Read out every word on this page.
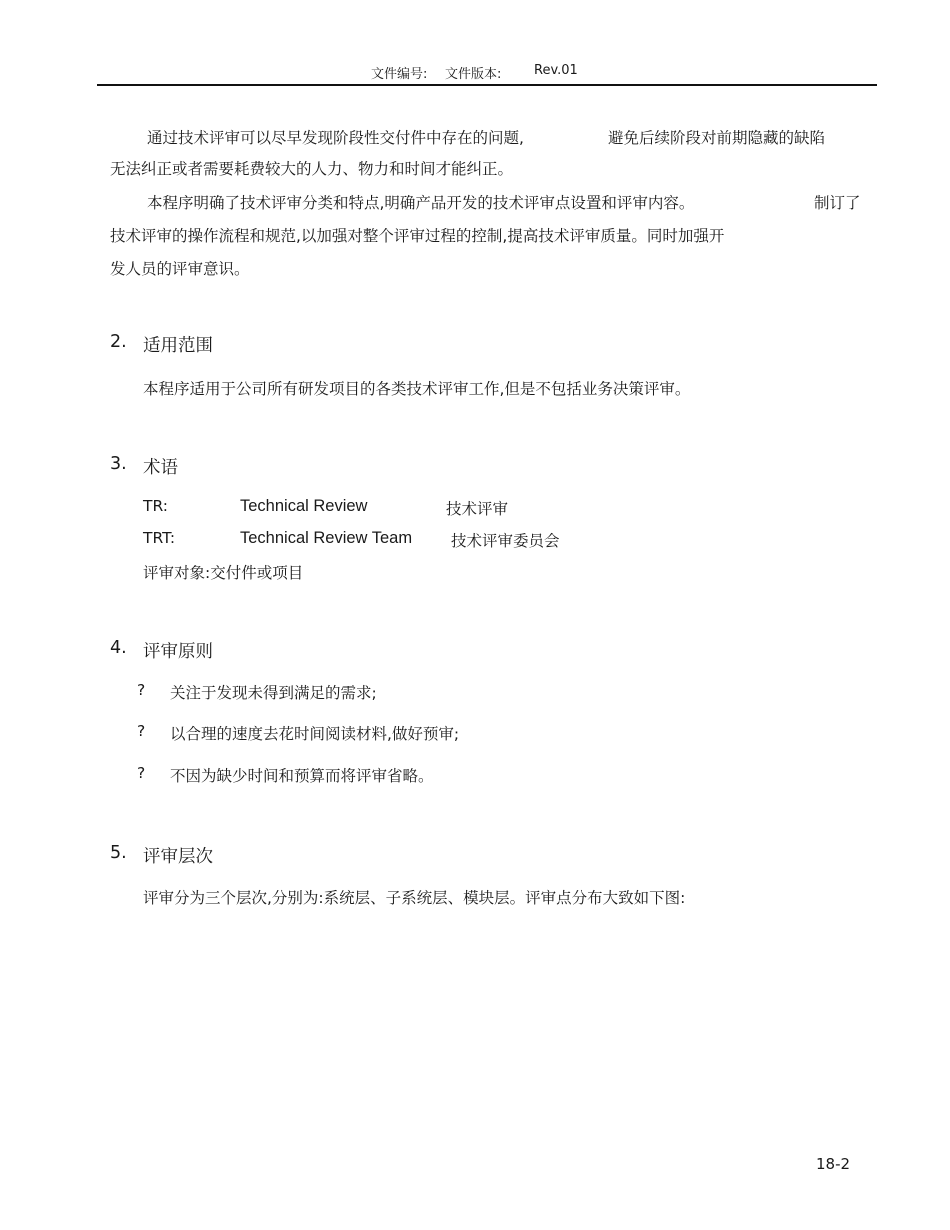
文件编号: 文件版本:	Rev.01
通过技术评审可以尽早发现阶段性交付件中存在的问题,	避免后续阶段对前期隐藏的缺陷
无法纠正或者需要耗费较大的人力、物力和时间才能纠正。
本程序明确了技术评审分类和特点,明确产品开发的技术评审点设置和评审内容。	制订了
技术评审的操作流程和规范,以加强对整个评审过程的控制,提高技术评审质量。同时加强开
发人员的评审意识。
2. 适用范围
本程序适用于公司所有研发项目的各类技术评审工作,但是不包括业务决策评审。
3. 术语
TR:	Technical Review	技术评审
TRT:	Technical Review Team	技术评审委员会
评审对象:交付件或项目
4. 评审原则
? 关注于发现未得到满足的需求;
? 以合理的速度去花时间阅读材料,做好预审;
? 不因为缺少时间和预算而将评审省略。
5. 评审层次
评审分为三个层次,分别为:系统层、子系统层、模块层。评审点分布大致如下图:
18-2
